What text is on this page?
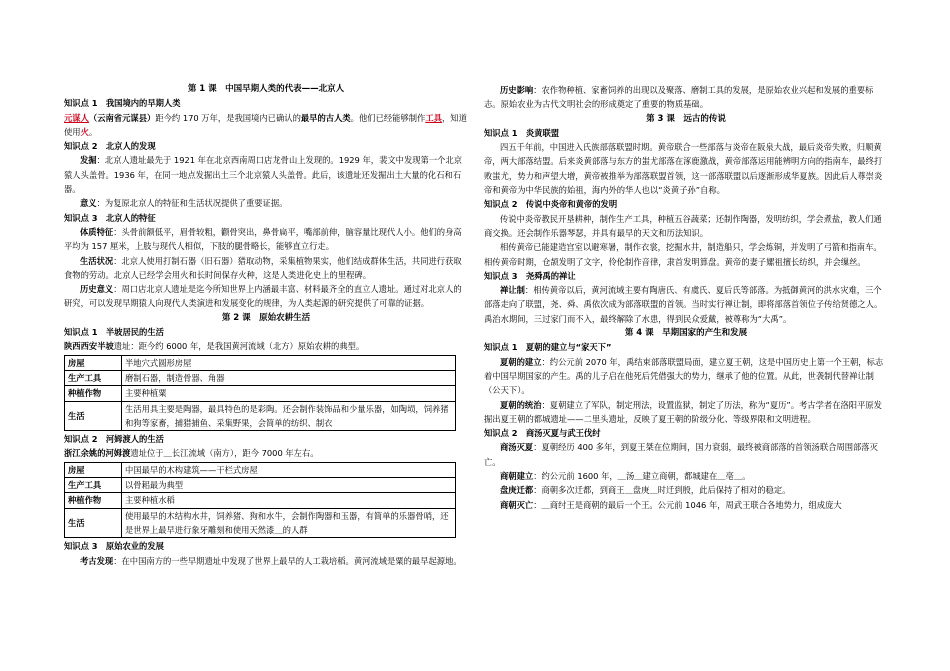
第 1 课　中国早期人类的代表——北京人
知识点 1　我国境内的早期人类

元谋人（云南省元谋县）距今约 170 万年，是我国境内已确认的最早的古人类。他们已经能够制作工具，知道使用火。

知识点 2　北京人的发现

发掘：北京人遗址最先于 1921 年在北京西南周口店龙骨山上发现的。1929 年，裴文中发现第一个北京猿人头盖骨。1936 年，在同一地点发掘出土三个北京猿人头盖骨。此后，该遗址还发掘出土大量的化石和石器。

意义：为复原北京人的特征和生活状况提供了重要证据。

知识点 3　北京人的特征

体质特征：头骨前额低平，眉骨较粗，颧骨突出，鼻骨扁平，嘴部前伸，脑容量比现代人小。他们的身高平均为 157 厘米，上肢与现代人相似，下肢的腿骨略长，能够直立行走。

生活状况：北京人使用打制石器（旧石器）猎取动物，采集植物果实，他们结成群体生活，共同进行获取食物的劳动。北京人已经学会用火和长时间保存火种，这是人类进化史上的里程碑。

历史意义：周口店北京人遗址是迄今所知世界上内涵最丰富、材料最齐全的直立人遗址。通过对北京人的研究，可以发现早期猿人向现代人类演进和发展变化的规律，为人类起源的研究提供了可靠的证据。

第 2 课　原始农耕生活
知识点 1　半坡居民的生活

陕西西安半坡遗址：距今约 6000 年，是我国黄河流域（北方）原始农耕的典型。

房屋	半地穴式圆形房屋
生产工具	磨制石器，制造骨器、角器
种植作物	主要种植粟
生活	生活用具主要是陶器，最具特色的是彩陶。还会制作装饰品和少量乐器，如陶埙，饲养猪和狗等家畜，捕猎捕鱼、采集野果，会简单的纺织、制衣
知识点 2　河姆渡人的生活

浙江余姚的河姆渡遗址位于＿长江流域（南方），距今 7000 年左右。

房屋	中国最早的木构建筑——干栏式房屋
生产工具	以骨耜最为典型
种植作物	主要种植水稻
生活	使用最早的木结构水井，饲养猪、狗和水牛，会制作陶器和玉器，有简单的乐器骨哨，还是世界上最早进行象牙雕刻和使用天然漆＿的人群
知识点 3　原始农业的发展

考古发现：在中国南方的一些早期遗址中发现了世界上最早的人工栽培稻。黄河流域是粟的最早起源地。

历史影响：农作物种植、家畜饲养的出现以及聚落、磨制工具的发展，是原始农业兴起和发展的重要标志。原始农业为古代文明社会的形成奠定了重要的物质基础。

第 3 课　远古的传说
知识点 1　炎黄联盟

四五千年前，中国进入氏族部落联盟时期。黄帝联合一些部落与炎帝在阪泉大战，最后炎帝失败，归顺黄帝，两大部落结盟。后来炎黄部落与东方的蚩尤部落在涿鹿激战，黄帝部落运用能辨明方向的指南车，最终打败蚩尤，势力和声望大增，黄帝被推举为部落联盟首领，这一部落联盟以后逐渐形成华夏族。因此后人尊崇炎帝和黄帝为中华民族的始祖，海内外的华人也以“炎黄子孙”自称。

知识点 2　传说中炎帝和黄帝的发明

传说中炎帝教民开垦耕种，制作生产工具，种植五谷蔬菜；还制作陶器，发明纺织，学会煮盐，教人们通商交换。还会制作乐器琴瑟，并具有最早的天文和历法知识。

相传黄帝已能建造宫室以避寒暑，制作衣裳，挖掘水井，制造船只，学会炼铜，并发明了弓箭和指南车。相传黄帝时期，仓颉发明了文字，伶伦制作音律，隶首发明算盘。黄帝的妻子嫘祖擅长纺织，并会缫丝。

知识点 3　尧舜禹的禅让

禅让制：相传黄帝以后，黄河流域主要有陶唐氏、有虞氏、夏后氏等部落。为抵御黄河的洪水灾难，三个部落走向了联盟，尧、舜、禹依次成为部落联盟的首领。当时实行禅让制，即将部落首领位子传给贤德之人。禹治水期间，三过家门而不入，最终解除了水患，得到民众爱戴，被尊称为“大禹”。

第 4 课　早期国家的产生和发展
知识点 1　夏朝的建立与“家天下”

夏朝的建立：约公元前 2070 年，禹结束部落联盟局面，建立夏王朝，这是中国历史上第一个王朝，标志着中国早期国家的产生。禹的儿子启在他死后凭借强大的势力，继承了他的位置。从此，世袭制代替禅让制（公天下）。

夏朝的统治：夏朝建立了军队，制定刑法，设置监狱，制定了历法，称为“夏历”。考古学者在洛阳平原发掘出夏王朝的都城遗址——二里头遗址，反映了夏王朝的阶级分化、等级界限和文明进程。

知识点 2　商汤灭夏与武王伐纣

商汤灭夏：夏朝经历 400 多年，到夏王桀在位期间，国力衰弱，最终被商部落的首领汤联合周围部落灭亡。

商朝建立：约公元前 1600 年，＿汤＿建立商朝，都城建在＿亳＿。

盘庚迁都：商朝多次迁都，到商王＿盘庚＿时迁到殷，此后保持了相对的稳定。

商朝灭亡：＿商纣王是商朝的最后一个王。公元前 1046 年，周武王联合各地势力，组成庞大
